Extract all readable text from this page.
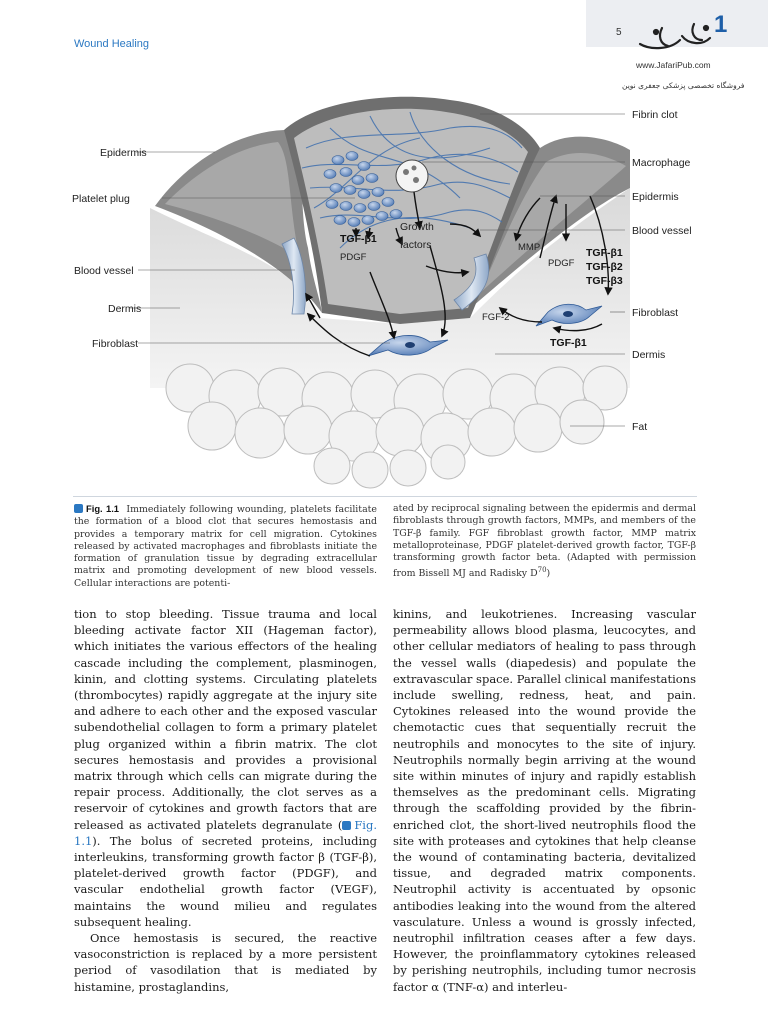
Wound Healing
5	1
www.JafariPub.com
فروشگاه تخصصی پزشکی جعفری نوین
Epidermis
Platelet plug
Blood vessel
Dermis
Fibroblast
Fibrin clot
Macrophage
Epidermis
Blood vessel
Fibroblast
Dermis
Fat
TGF-β1
PDGF
Growth
factors	MMP
PDGF
TGF-β1
TGF-β2
TGF-β3
FGF-2
TGF-β1
Fig. 1.1 Immediately following wounding, platelets facilitate the formation of a blood clot that secures hemostasis and provides a temporary matrix for cell migration. Cytokines released by activated macrophages and fibroblasts initiate the formation of granulation tissue by degrading extracellular matrix and promoting development of new blood vessels. Cellular interactions are potenti-
ated by reciprocal signaling between the epidermis and dermal fibroblasts through growth factors, MMPs, and members of the TGF-β family. FGF fibroblast growth factor, MMP matrix metalloproteinase, PDGF platelet-derived growth factor, TGF-β transforming growth factor beta. (Adapted with permission from Bissell MJ and Radisky $D^{70}$)

tion to stop bleeding. Tissue trauma and local bleeding activate factor XII (Hageman factor), which initiates the various effectors of the healing cascade including the complement, plasminogen, kinin, and clotting systems. Circulating platelets (thrombocytes) rapidly aggregate at the injury site and adhere to each other and the exposed vascular subendothelial collagen to form a primary platelet plug organized within a fibrin matrix. The clot secures hemostasis and provides a provisional matrix through which cells can migrate during the repair process. Additionally, the clot serves as a reservoir of cytokines and growth factors that are released as activated platelets degranulate ( Fig. 1.1). The bolus of secreted proteins, including interleukins, transforming growth factor β (TGF-β), platelet-derived growth factor (PDGF), and vascular endothelial growth factor (VEGF), maintains the wound milieu and regulates subsequent healing.

Once hemostasis is secured, the reactive vasoconstriction is replaced by a more persistent period of vasodilation that is mediated by histamine, prostaglandins,

kinins, and leukotrienes. Increasing vascular permeability allows blood plasma, leucocytes, and other cellular mediators of healing to pass through the vessel walls (diapedesis) and populate the extravascular space. Parallel clinical manifestations include swelling, redness, heat, and pain. Cytokines released into the wound provide the chemotactic cues that sequentially recruit the neutrophils and monocytes to the site of injury. Neutrophils normally begin arriving at the wound site within minutes of injury and rapidly establish themselves as the predominant cells. Migrating through the scaffolding provided by the fibrin-enriched clot, the short-lived neutrophils flood the site with proteases and cytokines that help cleanse the wound of contaminating bacteria, devitalized tissue, and degraded matrix components. Neutrophil activity is accentuated by opsonic antibodies leaking into the wound from the altered vasculature. Unless a wound is grossly infected, neutrophil infiltration ceases after a few days. However, the proinflammatory cytokines released by perishing neutrophils, including tumor necrosis factor α (TNF-α) and interleu-
